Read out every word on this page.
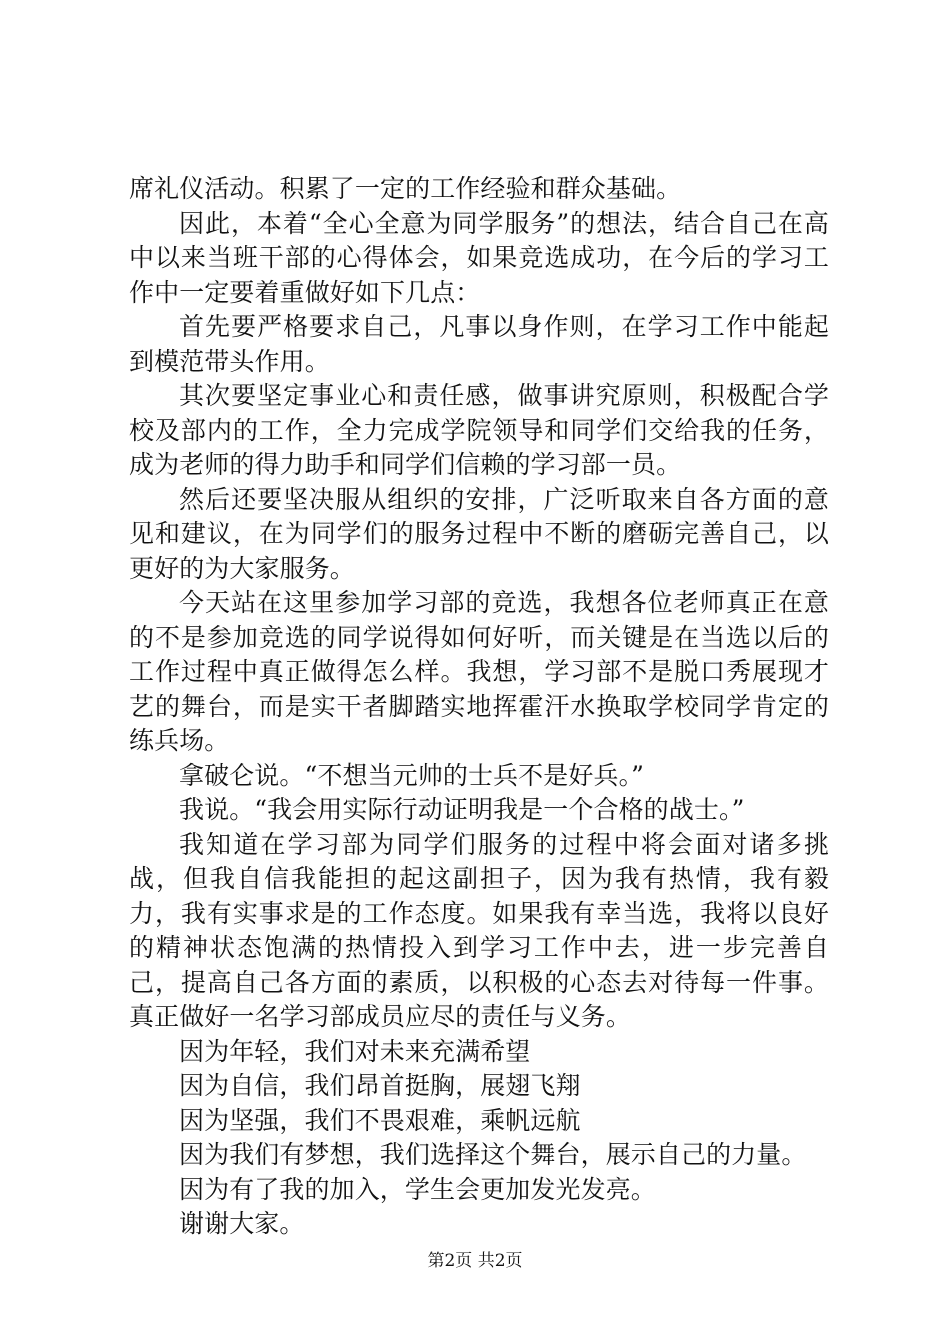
席礼仪活动。积累了一定的工作经验和群众基础。

因此，本着“全心全意为同学服务”的想法，结合自己在高中以来当班干部的心得体会，如果竞选成功，在今后的学习工作中一定要着重做好如下几点：

首先要严格要求自己，凡事以身作则，在学习工作中能起到模范带头作用。

其次要坚定事业心和责任感，做事讲究原则，积极配合学校及部内的工作，全力完成学院领导和同学们交给我的任务，成为老师的得力助手和同学们信赖的学习部一员。

然后还要坚决服从组织的安排，广泛听取来自各方面的意见和建议，在为同学们的服务过程中不断的磨砺完善自己，以更好的为大家服务。

今天站在这里参加学习部的竞选，我想各位老师真正在意的不是参加竞选的同学说得如何好听，而关键是在当选以后的工作过程中真正做得怎么样。我想，学习部不是脱口秀展现才艺的舞台，而是实干者脚踏实地挥霍汗水换取学校同学肯定的练兵场。

拿破仑说。“不想当元帅的士兵不是好兵。”

我说。“我会用实际行动证明我是一个合格的战士。”

我知道在学习部为同学们服务的过程中将会面对诸多挑战，但我自信我能担的起这副担子，因为我有热情，我有毅力，我有实事求是的工作态度。如果我有幸当选，我将以良好的精神状态饱满的热情投入到学习工作中去，进一步完善自己，提高自己各方面的素质，以积极的心态去对待每一件事。真正做好一名学习部成员应尽的责任与义务。

因为年轻，我们对未来充满希望

因为自信，我们昂首挺胸，展翅飞翔

因为坚强，我们不畏艰难，乘帆远航

因为我们有梦想，我们选择这个舞台，展示自己的力量。

因为有了我的加入，学生会更加发光发亮。

谢谢大家。

第2页 共2页
